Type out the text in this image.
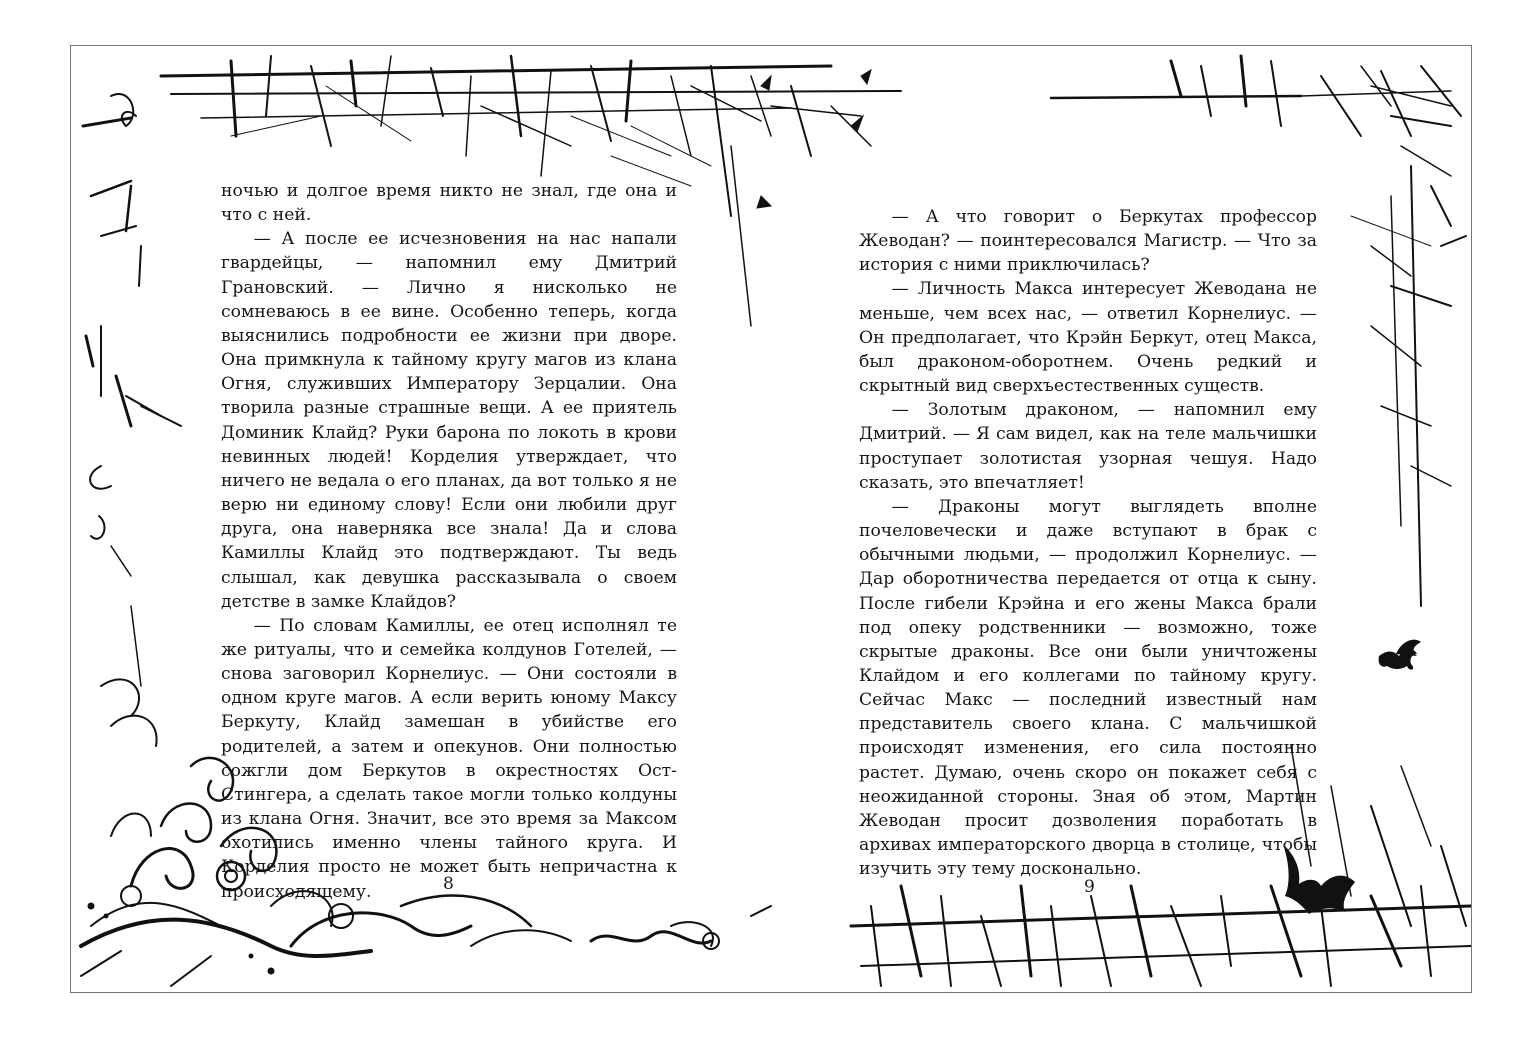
ночью и долгое время никто не знал, где она и что с ней.

— А после ее исчезновения на нас напали гвардейцы, — напомнил ему Дмитрий Грановский. — Лично я нисколько не сомневаюсь в ее вине. Особенно теперь, когда выяснились подробности ее жизни при дворе. Она примкнула к тайному кругу магов из клана Огня, служивших Императору Зерцалии. Она творила разные страшные вещи. А ее приятель Доминик Клайд? Руки барона по локоть в крови невинных людей! Корделия утверждает, что ничего не ведала о его планах, да вот только я не верю ни единому слову! Если они любили друг друга, она наверняка все знала! Да и слова Камиллы Клайд это подтверждают. Ты ведь слышал, как девушка рассказывала о своем детстве в замке Клайдов?

— По словам Камиллы, ее отец исполнял те же ритуалы, что и семейка колдунов Готелей, — снова заговорил Корнелиус. — Они состояли в одном круге магов. А если верить юному Максу Беркуту, Клайд замешан в убийстве его родителей, а затем и опекунов. Они полностью сожгли дом Беркутов в окрестностях Ост-Стингера, а сделать такое могли только колдуны из клана Огня. Значит, все это время за Максом охотились именно члены тайного круга. И Корделия просто не может быть непричастна к происходящему.

— А что говорит о Беркутах профессор Жеводан? — поинтересовался Магистр. — Что за история с ними приключилась?

— Личность Макса интересует Жеводана не меньше, чем всех нас, — ответил Корнелиус. — Он предполагает, что Крэйн Беркут, отец Макса, был драконом-оборотнем. Очень редкий и скрытный вид сверхъестественных существ.

— Золотым драконом, — напомнил ему Дмитрий. — Я сам видел, как на теле мальчишки проступает золотистая узорная чешуя. Надо сказать, это впечатляет!

— Драконы могут выглядеть вполне почеловечески и даже вступают в брак с обычными людьми, — продолжил Корнелиус. — Дар оборотничества передается от отца к сыну. После гибели Крэйна и его жены Макса брали под опеку родственники — возможно, тоже скрытые драконы. Все они были уничтожены Клайдом и его коллегами по тайному кругу. Сейчас Макс — последний известный нам представитель своего клана. С мальчишкой происходят изменения, его сила постоянно растет. Думаю, очень скоро он покажет себя с неожиданной стороны. Зная об этом, Мартин Жеводан просит дозволения поработать в архивах императорского дворца в столице, чтобы изучить эту тему досконально.

8	9
